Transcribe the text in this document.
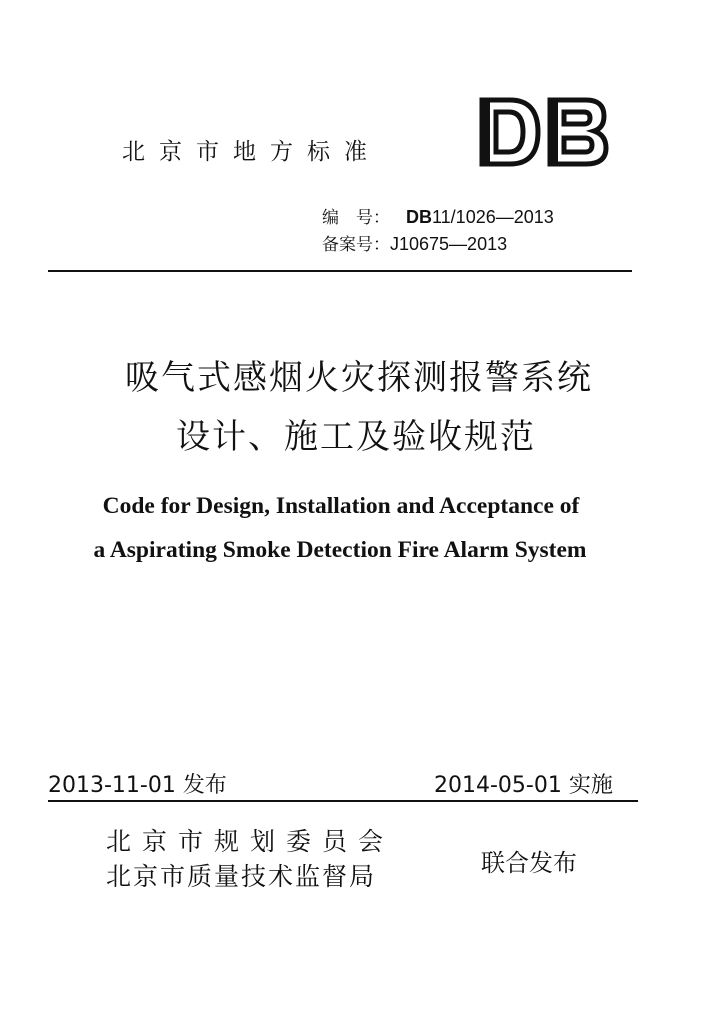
北京市地方标准
编　号： DB11/1026—2013
备案号：J10675—2013
吸气式感烟火灾探测报警系统
设计、施工及验收规范
Code for Design, Installation and Acceptance of
a Aspirating Smoke Detection Fire Alarm System
2013-11-01 发布	2014-05-01 实施
北京市规划委员会
北京市质量技术监督局	联合发布
